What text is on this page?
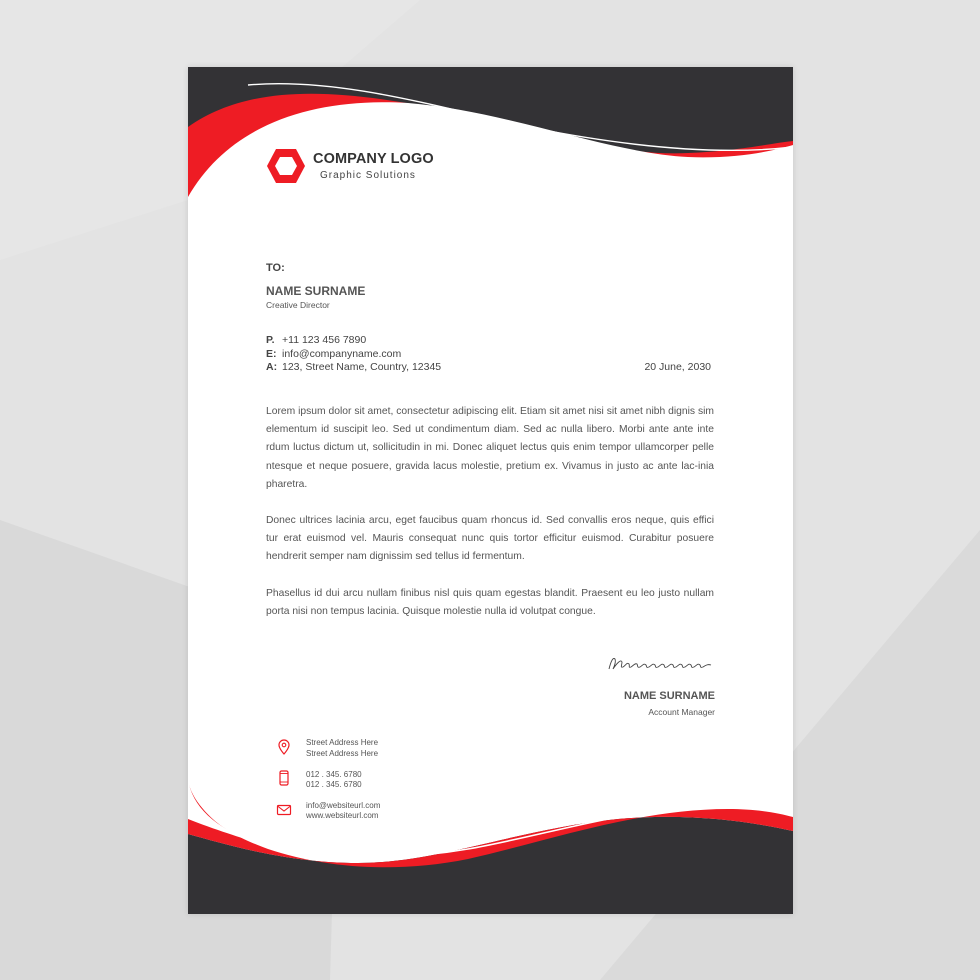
COMPANY LOGO
Graphic Solutions
TO:
NAME SURNAME
Creative Director
P. +11 123 456 7890
E: info@companyname.com
A: 123, Street Name, Country, 12345	20 June, 2030

Lorem ipsum dolor sit amet, consectetur adipiscing elit. Etiam sit amet nisi sit amet nibh dignis sim elementum id suscipit leo. Sed ut condimentum diam. Sed ac nulla libero. Morbi ante ante inte rdum luctus dictum ut, sollicitudin in mi. Donec aliquet lectus quis enim tempor ullamcorper pelle ntesque et neque posuere, gravida lacus molestie, pretium ex. Vivamus in justo ac ante lac-inia pharetra.

Donec ultrices lacinia arcu, eget faucibus quam rhoncus id. Sed convallis eros neque, quis effici tur erat euismod vel. Mauris consequat nunc quis tortor efficitur euismod. Curabitur posuere hendrerit semper nam dignissim sed tellus id fermentum.

Phasellus id dui arcu nullam finibus nisl quis quam egestas blandit. Praesent eu leo justo nullam porta nisi non tempus lacinia. Quisque molestie nulla id volutpat congue.

NAME SURNAME
Account Manager
Street Address Here
Street Address Here
012 . 345. 6780
012 . 345. 6780
info@websiteurl.com
www.websiteurl.com
